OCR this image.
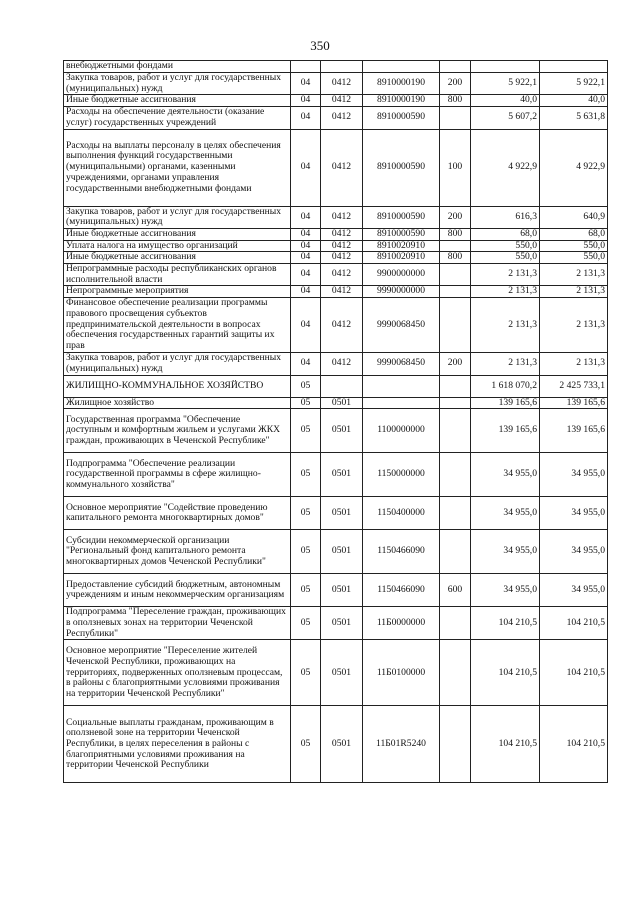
350
внебюджетными фондами						
Закупка товаров, работ и услуг для государственных (муниципальных) нужд	04	0412	8910000190	200	5 922,1	5 922,1
Иные бюджетные ассигнования	04	0412	8910000190	800	40,0	40,0
Расходы на обеспечение деятельности (оказание услуг) государственных учреждений	04	0412	8910000590		5 607,2	5 631,8
Расходы на выплаты персоналу в целях обеспечения выполнения функций государственными (муниципальными) органами, казенными учреждениями, органами управления государственными внебюджетными фондами	04	0412	8910000590	100	4 922,9	4 922,9
Закупка товаров, работ и услуг для государственных (муниципальных) нужд	04	0412	8910000590	200	616,3	640,9
Иные бюджетные ассигнования	04	0412	8910000590	800	68,0	68,0
Уплата налога на имущество организаций	04	0412	8910020910		550,0	550,0
Иные бюджетные ассигнования	04	0412	8910020910	800	550,0	550,0
Непрограммные расходы республиканских органов исполнительной власти	04	0412	9900000000		2 131,3	2 131,3
Непрограммные мероприятия	04	0412	9990000000		2 131,3	2 131,3
Финансовое обеспечение реализации программы правового просвещения субъектов предпринимательской деятельности в вопросах обеспечения государственных гарантий защиты их прав	04	0412	9990068450		2 131,3	2 131,3
Закупка товаров, работ и услуг для государственных (муниципальных) нужд	04	0412	9990068450	200	2 131,3	2 131,3
ЖИЛИЩНО-КОММУНАЛЬНОЕ ХОЗЯЙСТВО	05				1 618 070,2	2 425 733,1
Жилищное хозяйство	05	0501			139 165,6	139 165,6
Государственная программа "Обеспечение доступным и комфортным жильем и услугами ЖКХ граждан, проживающих в Чеченской Республике"	05	0501	1100000000		139 165,6	139 165,6
Подпрограмма "Обеспечение реализации государственной программы в сфере жилищно-коммунального хозяйства"	05	0501	1150000000		34 955,0	34 955,0
Основное мероприятие "Содействие проведению капитального ремонта многоквартирных домов"	05	0501	1150400000		34 955,0	34 955,0
Субсидии некоммерческой организации "Региональный фонд капитального ремонта многоквартирных домов Чеченской Республики"	05	0501	1150466090		34 955,0	34 955,0
Предоставление субсидий бюджетным, автономным учреждениям и иным некоммерческим организациям	05	0501	1150466090	600	34 955,0	34 955,0
Подпрограмма "Переселение граждан, проживающих в оползневых зонах на территории Чеченской Республики"	05	0501	11Б0000000		104 210,5	104 210,5
Основное мероприятие "Переселение жителей Чеченской Республики, проживающих на территориях, подверженных оползневым процессам, в районы с благоприятными условиями проживания на территории Чеченской Республики"	05	0501	11Б0100000		104 210,5	104 210,5
Социальные выплаты гражданам, проживающим в оползневой зоне на территории Чеченской Республики, в целях переселения в районы с благоприятными условиями проживания на территории Чеченской Республики	05	0501	11Б01R5240		104 210,5	104 210,5
